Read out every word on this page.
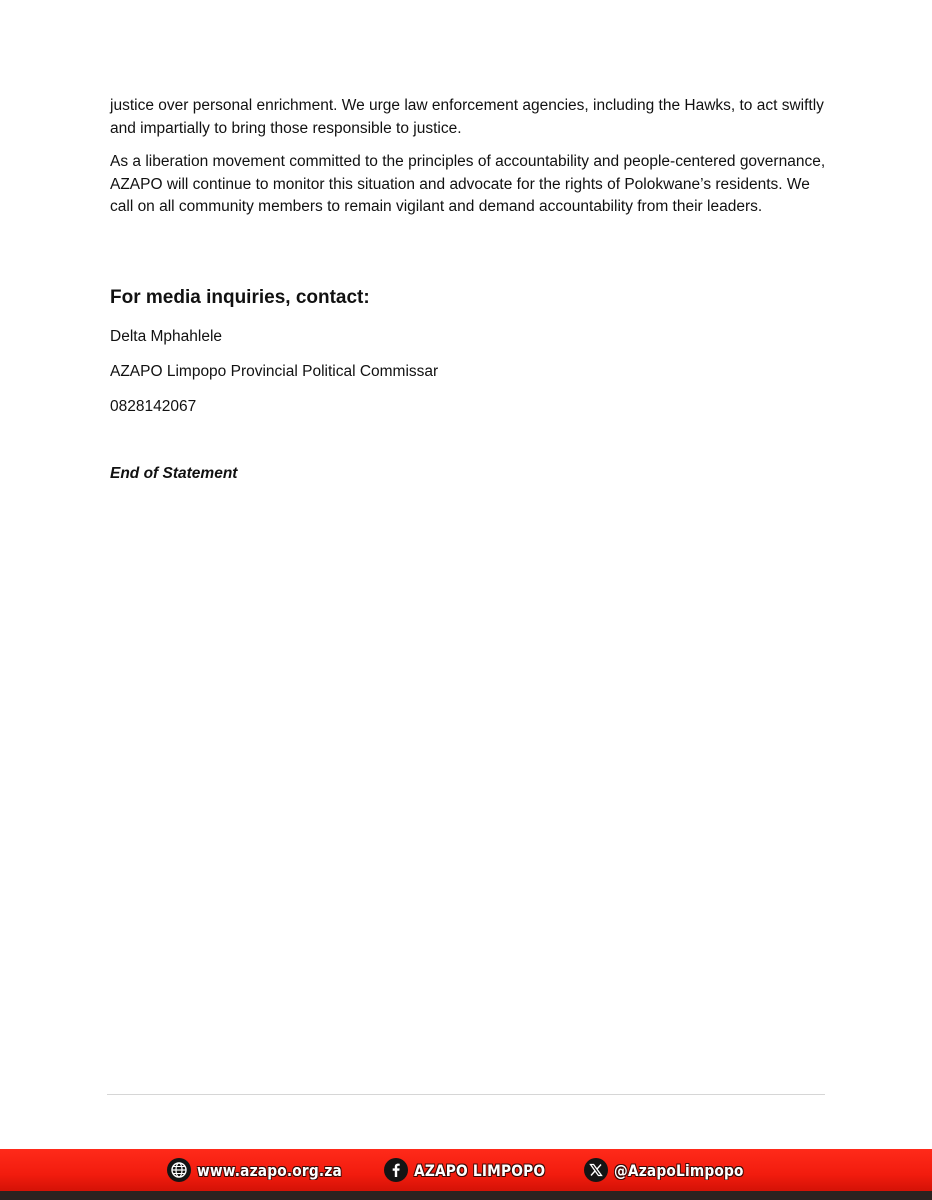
justice over personal enrichment. We urge law enforcement agencies, including the Hawks, to act swiftly and impartially to bring those responsible to justice.

As a liberation movement committed to the principles of accountability and people-centered governance, AZAPO will continue to monitor this situation and advocate for the rights of Polokwane’s residents. We call on all community members to remain vigilant and demand accountability from their leaders.

For media inquiries, contact:

Delta Mphahlele

AZAPO Limpopo Provincial Political Commissar

0828142067

End of Statement

www.azapo.org.za	AZAPO LIMPOPO	@AzapoLimpopo
